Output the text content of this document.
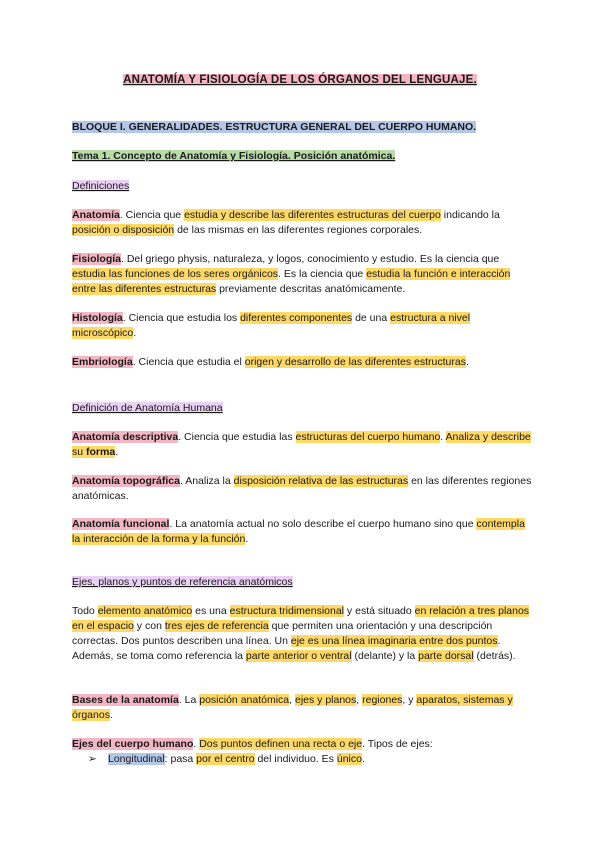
ANATOMÍA Y FISIOLOGÍA DE LOS ÓRGANOS DEL LENGUAJE.
BLOQUE I. GENERALIDADES. ESTRUCTURA GENERAL DEL CUERPO HUMANO.
Tema 1. Concepto de Anatomía y Fisiología. Posición anatómica.
Definiciones
Anatomía. Ciencia que estudia y describe las diferentes estructuras del cuerpo indicando la posición o disposición de las mismas en las diferentes regiones corporales.
Fisiología. Del griego physis, naturaleza, y logos, conocimiento y estudio. Es la ciencia que estudia las funciones de los seres orgánicos. Es la ciencia que estudia la función e interacción entre las diferentes estructuras previamente descritas anatómicamente.
Histología. Ciencia que estudia los diferentes componentes de una estructura a nivel microscópico.
Embriología. Ciencia que estudia el origen y desarrollo de las diferentes estructuras.
Definición de Anatomía Humana
Anatomía descriptiva. Ciencia que estudia las estructuras del cuerpo humano. Analiza y describe su forma.
Anatomía topográfica. Analiza la disposición relativa de las estructuras en las diferentes regiones anatómicas.
Anatomía funcional. La anatomía actual no solo describe el cuerpo humano sino que contempla la interacción de la forma y la función.
Ejes, planos y puntos de referencia anatómicos
Todo elemento anatómico es una estructura tridimensional y está situado en relación a tres planos en el espacio y con tres ejes de referencia que permiten una orientación y una descripción correctas. Dos puntos describen una línea. Un eje es una línea imaginaria entre dos puntos. Además, se toma como referencia la parte anterior o ventral (delante) y la parte dorsal (detrás).
Bases de la anatomía. La posición anatómica, ejes y planos, regiones, y aparatos, sistemas y órganos.
Ejes del cuerpo humano. Dos puntos definen una recta o eje. Tipos de ejes:
➢ Longitudinal: pasa por el centro del individuo. Es único.
